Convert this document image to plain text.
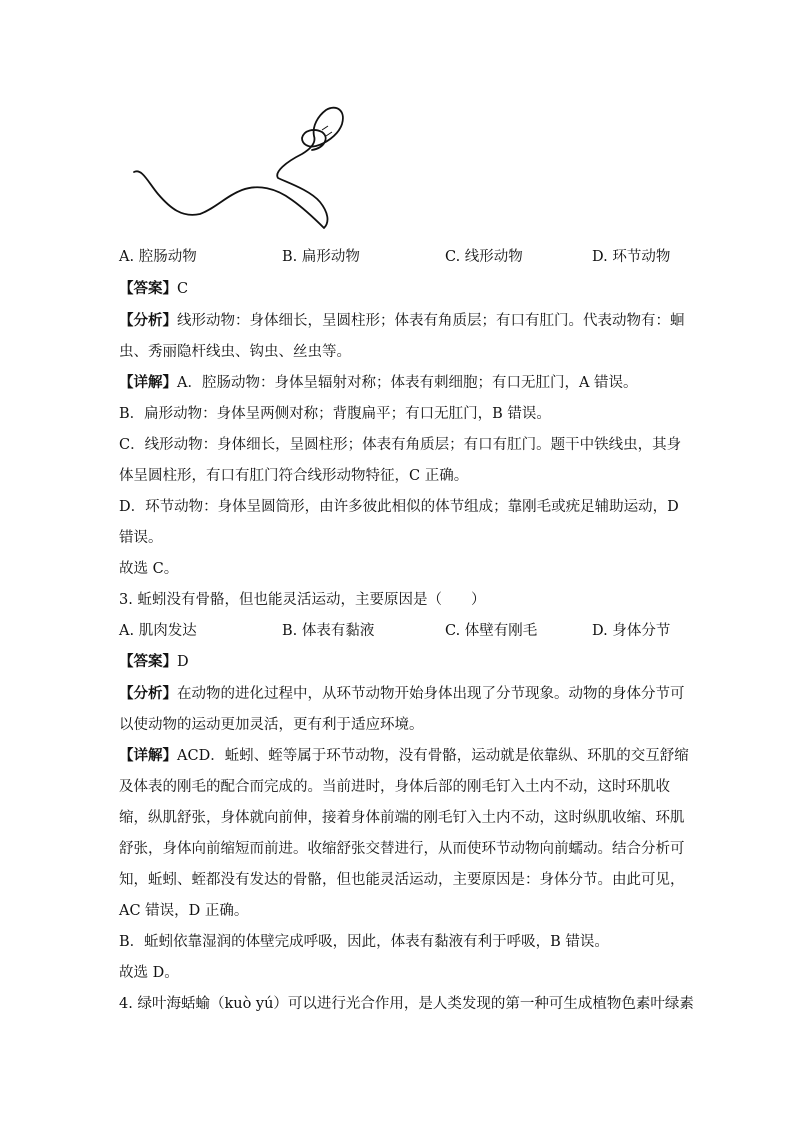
A. 腔肠动物	B. 扁形动物	C. 线形动物	D. 环节动物
【答案】C
【分析】线形动物：身体细长，呈圆柱形；体表有角质层；有口有肛门。代表动物有：蛔
虫、秀丽隐杆线虫、钩虫、丝虫等。
【详解】A．腔肠动物：身体呈辐射对称；体表有刺细胞；有口无肛门，A 错误。
B．扁形动物：身体呈两侧对称；背腹扁平；有口无肛门，B 错误。
C．线形动物：身体细长，呈圆柱形；体表有角质层；有口有肛门。题干中铁线虫，其身
体呈圆柱形，有口有肛门符合线形动物特征，C 正确。
D．环节动物：身体呈圆筒形，由许多彼此相似的体节组成；靠刚毛或疣足辅助运动，D
错误。
故选 C。
3. 蚯蚓没有骨骼，但也能灵活运动，主要原因是（　　）
A. 肌肉发达	B. 体表有黏液	C. 体壁有刚毛	D. 身体分节
【答案】D
【分析】在动物的进化过程中，从环节动物开始身体出现了分节现象。动物的身体分节可
以使动物的运动更加灵活，更有利于适应环境。
【详解】ACD．蚯蚓、蛭等属于环节动物，没有骨骼，运动就是依靠纵、环肌的交互舒缩
及体表的刚毛的配合而完成的。当前进时，身体后部的刚毛钉入土内不动，这时环肌收
缩，纵肌舒张，身体就向前伸，接着身体前端的刚毛钉入土内不动，这时纵肌收缩、环肌
舒张，身体向前缩短而前进。收缩舒张交替进行，从而使环节动物向前蠕动。结合分析可
知，蚯蚓、蛭都没有发达的骨骼，但也能灵活运动，主要原因是：身体分节。由此可见，
AC 错误，D 正确。
B．蚯蚓依靠湿润的体壁完成呼吸，因此，体表有黏液有利于呼吸，B 错误。
故选 D。
4. 绿叶海蛞蝓（kuò yú）可以进行光合作用，是人类发现的第一种可生成植物色素叶绿素
